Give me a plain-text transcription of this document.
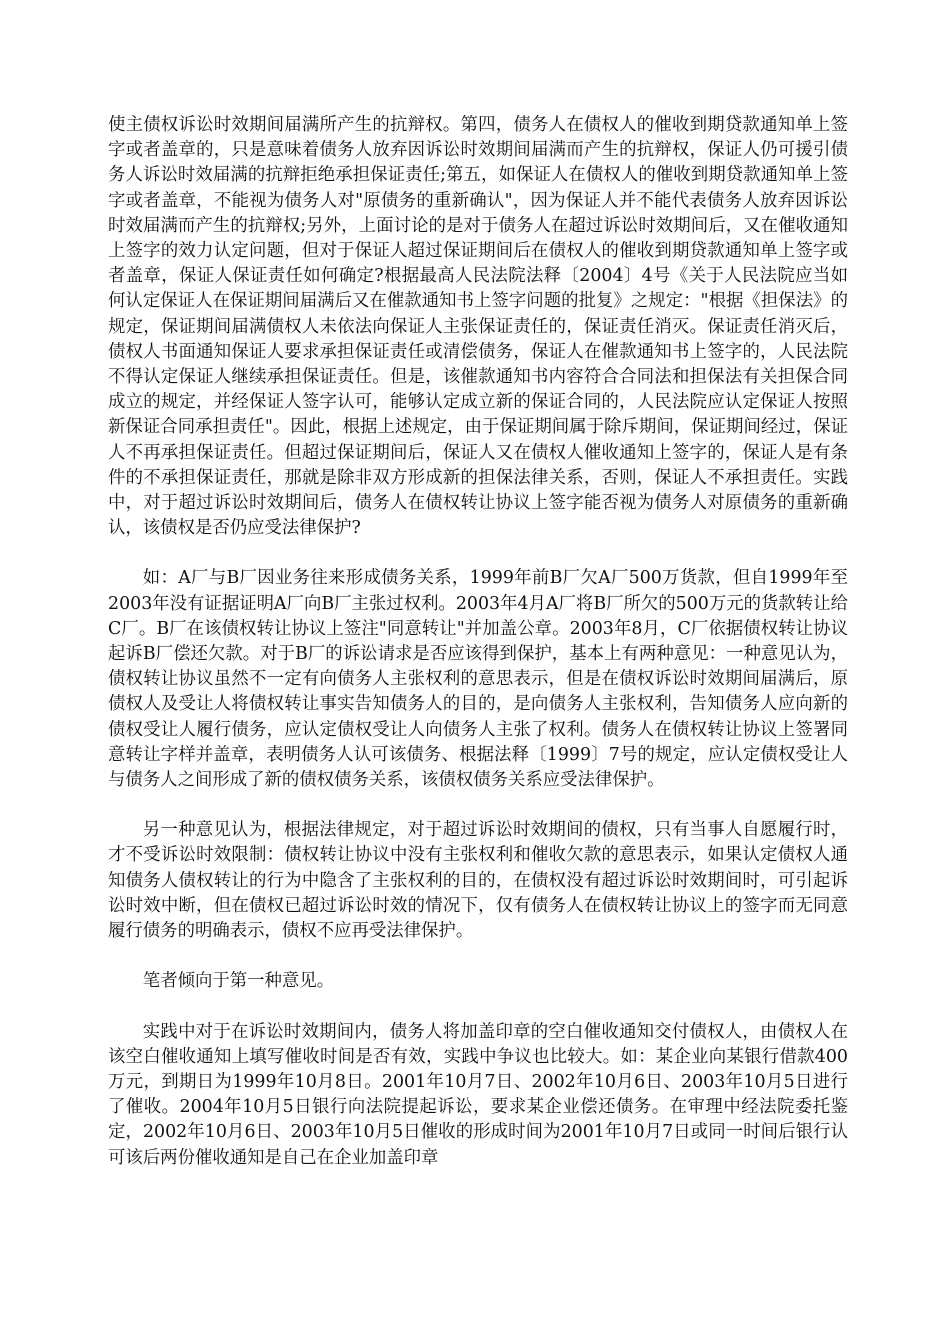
使主债权诉讼时效期间届满所产生的抗辩权。第四，债务人在债权人的催收到期贷款通知单上签字或者盖章的，只是意味着债务人放弃因诉讼时效期间届满而产生的抗辩权，保证人仍可援引债务人诉讼时效届满的抗辩拒绝承担保证责任;第五，如保证人在债权人的催收到期贷款通知单上签字或者盖章，不能视为债务人对"原债务的重新确认"，因为保证人并不能代表债务人放弃因诉讼时效届满而产生的抗辩权;另外，上面讨论的是对于债务人在超过诉讼时效期间后，又在催收通知上签字的效力认定问题，但对于保证人超过保证期间后在债权人的催收到期贷款通知单上签字或者盖章，保证人保证责任如何确定?根据最高人民法院法释〔2004〕4号《关于人民法院应当如何认定保证人在保证期间届满后又在催款通知书上签字问题的批复》之规定："根据《担保法》的规定，保证期间届满债权人未依法向保证人主张保证责任的，保证责任消灭。保证责任消灭后，债权人书面通知保证人要求承担保证责任或清偿债务，保证人在催款通知书上签字的，人民法院不得认定保证人继续承担保证责任。但是，该催款通知书内容符合合同法和担保法有关担保合同成立的规定，并经保证人签字认可，能够认定成立新的保证合同的，人民法院应认定保证人按照新保证合同承担责任"。因此，根据上述规定，由于保证期间属于除斥期间，保证期间经过，保证人不再承担保证责任。但超过保证期间后，保证人又在债权人催收通知上签字的，保证人是有条件的不承担保证责任，那就是除非双方形成新的担保法律关系，否则，保证人不承担责任。实践中，对于超过诉讼时效期间后，债务人在债权转让协议上签字能否视为债务人对原债务的重新确认，该债权是否仍应受法律保护?

如：A厂与B厂因业务往来形成债务关系，1999年前B厂欠A厂500万货款，但自1999年至2003年没有证据证明A厂向B厂主张过权利。2003年4月A厂将B厂所欠的500万元的货款转让给C厂。B厂在该债权转让协议上签注"同意转让"并加盖公章。2003年8月，C厂依据债权转让协议起诉B厂偿还欠款。对于B厂的诉讼请求是否应该得到保护，基本上有两种意见：一种意见认为，债权转让协议虽然不一定有向债务人主张权利的意思表示，但是在债权诉讼时效期间届满后，原债权人及受让人将债权转让事实告知债务人的目的，是向债务人主张权利，告知债务人应向新的债权受让人履行债务，应认定债权受让人向债务人主张了权利。债务人在债权转让协议上签署同意转让字样并盖章，表明债务人认可该债务、根据法释〔1999〕7号的规定，应认定债权受让人与债务人之间形成了新的债权债务关系，该债权债务关系应受法律保护。

另一种意见认为，根据法律规定，对于超过诉讼时效期间的债权，只有当事人自愿履行时，才不受诉讼时效限制：债权转让协议中没有主张权利和催收欠款的意思表示，如果认定债权人通知债务人债权转让的行为中隐含了主张权利的目的，在债权没有超过诉讼时效期间时，可引起诉讼时效中断，但在债权已超过诉讼时效的情况下，仅有债务人在债权转让协议上的签字而无同意履行债务的明确表示，债权不应再受法律保护。

笔者倾向于第一种意见。

实践中对于在诉讼时效期间内，债务人将加盖印章的空白催收通知交付债权人，由债权人在该空白催收通知上填写催收时间是否有效，实践中争议也比较大。如：某企业向某银行借款400万元，到期日为1999年10月8日。2001年10月7日、2002年10月6日、2003年10月5日进行了催收。2004年10月5日银行向法院提起诉讼，要求某企业偿还债务。在审理中经法院委托鉴定，2002年10月6日、2003年10月5日催收的形成时间为2001年10月7日或同一时间后银行认可该后两份催收通知是自己在企业加盖印章
